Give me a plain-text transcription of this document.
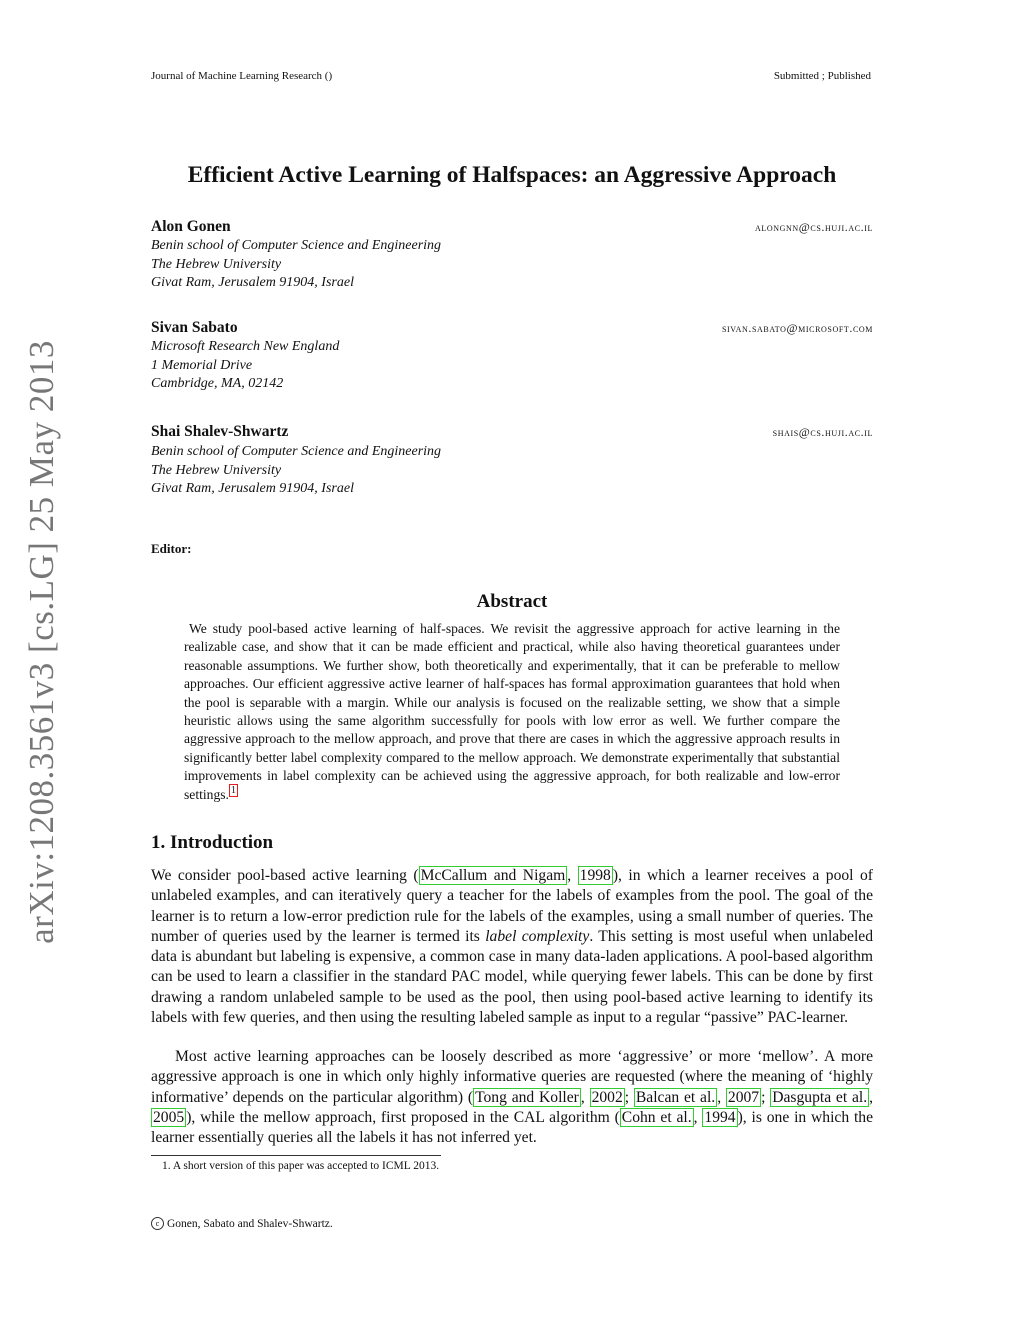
Journal of Machine Learning Research ()	Submitted ; Published
arXiv:1208.3561v3 [cs.LG] 25 May 2013
Efficient Active Learning of Halfspaces: an Aggressive Approach
Alon Gonen	alongnn@cs.huji.ac.il
Benin school of Computer Science and Engineering
The Hebrew University
Givat Ram, Jerusalem 91904, Israel
Sivan Sabato	sivan.sabato@microsoft.com
Microsoft Research New England
1 Memorial Drive
Cambridge, MA, 02142
Shai Shalev-Shwartz	shais@cs.huji.ac.il
Benin school of Computer Science and Engineering
The Hebrew University
Givat Ram, Jerusalem 91904, Israel
Editor:
Abstract
We study pool-based active learning of half-spaces. We revisit the aggressive approach for active learning in the realizable case, and show that it can be made efficient and practical, while also having theoretical guarantees under reasonable assumptions. We further show, both theoretically and experimentally, that it can be preferable to mellow approaches. Our efficient aggressive active learner of half-spaces has formal approximation guarantees that hold when the pool is separable with a margin. While our analysis is focused on the realizable setting, we show that a simple heuristic allows using the same algorithm successfully for pools with low error as well. We further compare the aggressive approach to the mellow approach, and prove that there are cases in which the aggressive approach results in significantly better label complexity compared to the mellow approach. We demonstrate experimentally that substantial improvements in label complexity can be achieved using the aggressive approach, for both realizable and low-error settings. $^1$
1. Introduction
We consider pool-based active learning ( McCallum and Nigam , 1998 ), in which a learner receives a pool of unlabeled examples, and can iteratively query a teacher for the labels of examples from the pool. The goal of the learner is to return a low-error prediction rule for the labels of the examples, using a small number of queries. The number of queries used by the learner is termed its label complexity. This setting is most useful when unlabeled data is abundant but labeling is expensive, a common case in many data-laden applications. A pool-based algorithm can be used to learn a classifier in the standard PAC model, while querying fewer labels. This can be done by first drawing a random unlabeled sample to be used as the pool, then using pool-based active learning to identify its labels with few queries, and then using the resulting labeled sample as input to a regular “passive” PAC-learner.
Most active learning approaches can be loosely described as more ‘aggressive’ or more ‘mellow’. A more aggressive approach is one in which only highly informative queries are requested (where the meaning of ‘highly informative’ depends on the particular algorithm) ( Tong and Koller , 2002 ; Balcan et al. , 2007 ; Dasgupta et al. , 2005 ), while the mellow approach, first proposed in the CAL algorithm ( Cohn et al. , 1994 ), is one in which the learner essentially queries all the labels it has not inferred yet.
1. A short version of this paper was accepted to ICML 2013.
c Gonen, Sabato and Shalev-Shwartz.
